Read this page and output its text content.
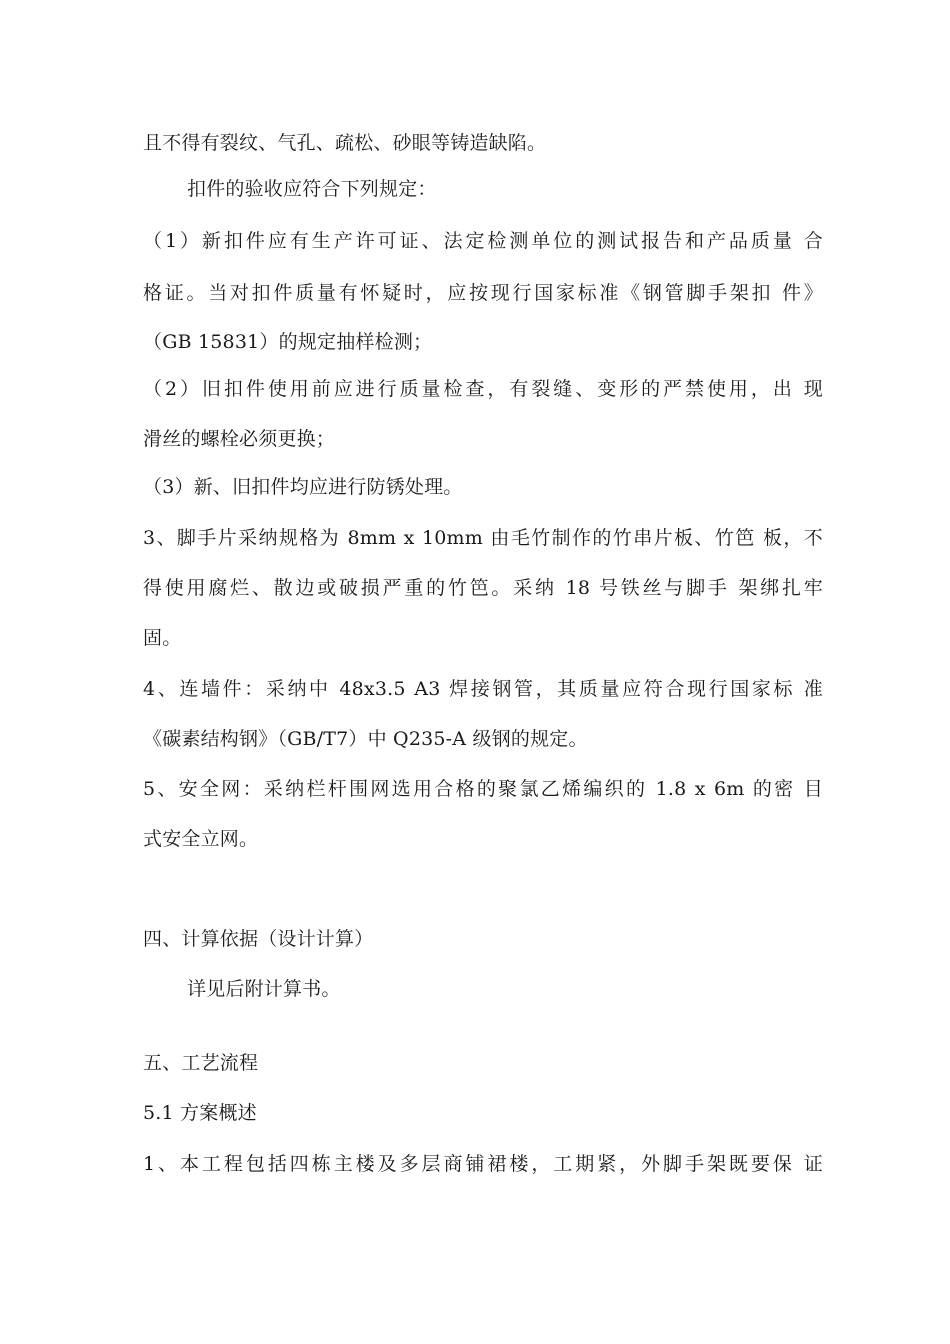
且不得有裂纹、气孔、疏松、砂眼等铸造缺陷。
扣件的验收应符合下列规定：
（1）新扣件应有生产许可证、法定检测单位的测试报告和产品质量 合
格证。当对扣件质量有怀疑时，应按现行国家标准《钢管脚手架扣 件》
（GB 15831）的规定抽样检测；
（2）旧扣件使用前应进行质量检查，有裂缝、变形的严禁使用，出 现
滑丝的螺栓必须更换；
（3）新、旧扣件均应进行防锈处理。
3、脚手片采纳规格为 8mm x 10mm 由毛竹制作的竹串片板、竹笆 板，不
得使用腐烂、散边或破损严重的竹笆。采纳 18 号铁丝与脚手 架绑扎牢
固。
4、连墙件：采纳中 48x3.5 A3 焊接钢管，其质量应符合现行国家标 准
《碳素结构钢》（GB/T7）中 Q235-A 级钢的规定。
5、安全网：采纳栏杆围网选用合格的聚氯乙烯编织的 1.8 x 6m 的密 目
式安全立网。
四、计算依据（设计计算）
详见后附计算书。
五、工艺流程
5.1 方案概述
1、本工程包括四栋主楼及多层商铺裙楼，工期紧，外脚手架既要保 证
